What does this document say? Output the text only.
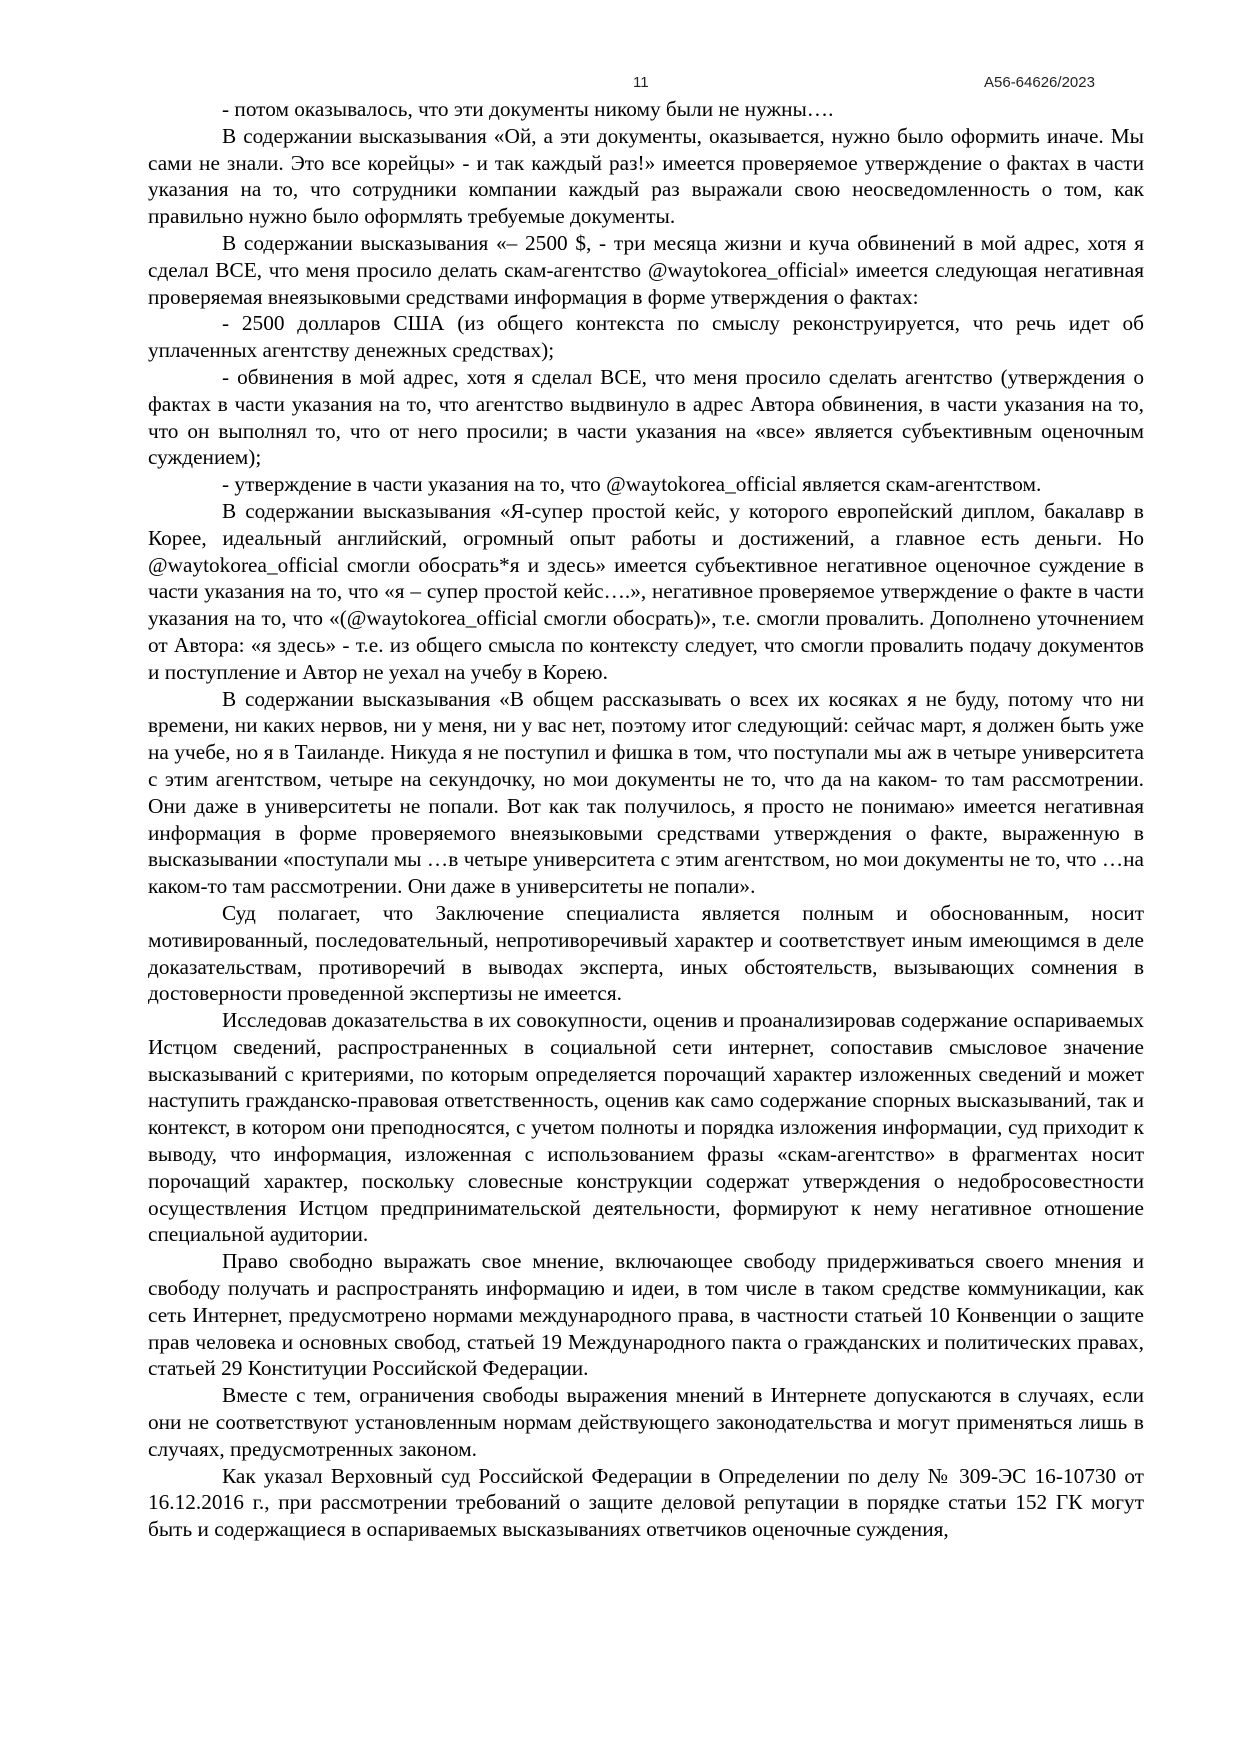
11	А56-64626/2023

- потом оказывалось, что эти документы никому были не нужны….

В содержании высказывания «Ой, а эти документы, оказывается, нужно было оформить иначе. Мы сами не знали. Это все корейцы» - и так каждый раз!» имеется проверяемое утверждение о фактах в части указания на то, что сотрудники компании каждый раз выражали свою неосведомленность о том, как правильно нужно было оформлять требуемые документы.

В содержании высказывания «– 2500 $, - три месяца жизни и куча обвинений в мой адрес, хотя я сделал ВСЕ, что меня просило делать скам-агентство @waytokorea_official» имеется следующая негативная проверяемая внеязыковыми средствами информация в форме утверждения о фактах:

- 2500 долларов США (из общего контекста по смыслу реконструируется, что речь идет об уплаченных агентству денежных средствах);

- обвинения в мой адрес, хотя я сделал ВСЕ, что меня просило сделать агентство (утверждения о фактах в части указания на то, что агентство выдвинуло в адрес Автора обвинения, в части указания на то, что он выполнял то, что от него просили; в части указания на «все» является субъективным оценочным суждением);

- утверждение в части указания на то, что @waytokorea_official является скам-агентством.

В содержании высказывания «Я-супер простой кейс, у которого европейский диплом, бакалавр в Корее, идеальный английский, огромный опыт работы и достижений, а главное есть деньги. Но @waytokorea_official смогли обосрать*я и здесь» имеется субъективное негативное оценочное суждение в части указания на то, что «я – супер простой кейс….», негативное проверяемое утверждение о факте в части указания на то, что «(@waytokorea_official смогли обосрать)», т.е. смогли провалить. Дополнено уточнением от Автора: «я здесь» - т.е. из общего смысла по контексту следует, что смогли провалить подачу документов и поступление и Автор не уехал на учебу в Корею.

В содержании высказывания «В общем рассказывать о всех их косяках я не буду, потому что ни времени, ни каких нервов, ни у меня, ни у вас нет, поэтому итог следующий: сейчас март, я должен быть уже на учебе, но я в Таиланде. Никуда я не поступил и фишка в том, что поступали мы аж в четыре университета с этим агентством, четыре на секундочку, но мои документы не то, что да на каком- то там рассмотрении. Они даже в университеты не попали. Вот как так получилось, я просто не понимаю» имеется негативная информация в форме проверяемого внеязыковыми средствами утверждения о факте, выраженную в высказывании «поступали мы …в четыре университета с этим агентством, но мои документы не то, что …на каком-то там рассмотрении. Они даже в университеты не попали».

Суд полагает, что Заключение специалиста является полным и обоснованным, носит мотивированный, последовательный, непротиворечивый характер и соответствует иным имеющимся в деле доказательствам, противоречий в выводах эксперта, иных обстоятельств, вызывающих сомнения в достоверности проведенной экспертизы не имеется.

Исследовав доказательства в их совокупности, оценив и проанализировав содержание оспариваемых Истцом сведений, распространенных в социальной сети интернет, сопоставив смысловое значение высказываний с критериями, по которым определяется порочащий характер изложенных сведений и может наступить гражданско-правовая ответственность, оценив как само содержание спорных высказываний, так и контекст, в котором они преподносятся, с учетом полноты и порядка изложения информации, суд приходит к выводу, что информация, изложенная с использованием фразы «скам-агентство» в фрагментах носит порочащий характер, поскольку словесные конструкции содержат утверждения о недобросовестности осуществления Истцом предпринимательской деятельности, формируют к нему негативное отношение специальной аудитории.

Право свободно выражать свое мнение, включающее свободу придерживаться своего мнения и свободу получать и распространять информацию и идеи, в том числе в таком средстве коммуникации, как сеть Интернет, предусмотрено нормами международного права, в частности статьей 10 Конвенции о защите прав человека и основных свобод, статьей 19 Международного пакта о гражданских и политических правах, статьей 29 Конституции Российской Федерации.

Вместе с тем, ограничения свободы выражения мнений в Интернете допускаются в случаях, если они не соответствуют установленным нормам действующего законодательства и могут применяться лишь в случаях, предусмотренных законом.

Как указал Верховный суд Российской Федерации в Определении по делу № 309-ЭС 16-10730 от 16.12.2016 г., при рассмотрении требований о защите деловой репутации в порядке статьи 152 ГК могут быть и содержащиеся в оспариваемых высказываниях ответчиков оценочные суждения,
